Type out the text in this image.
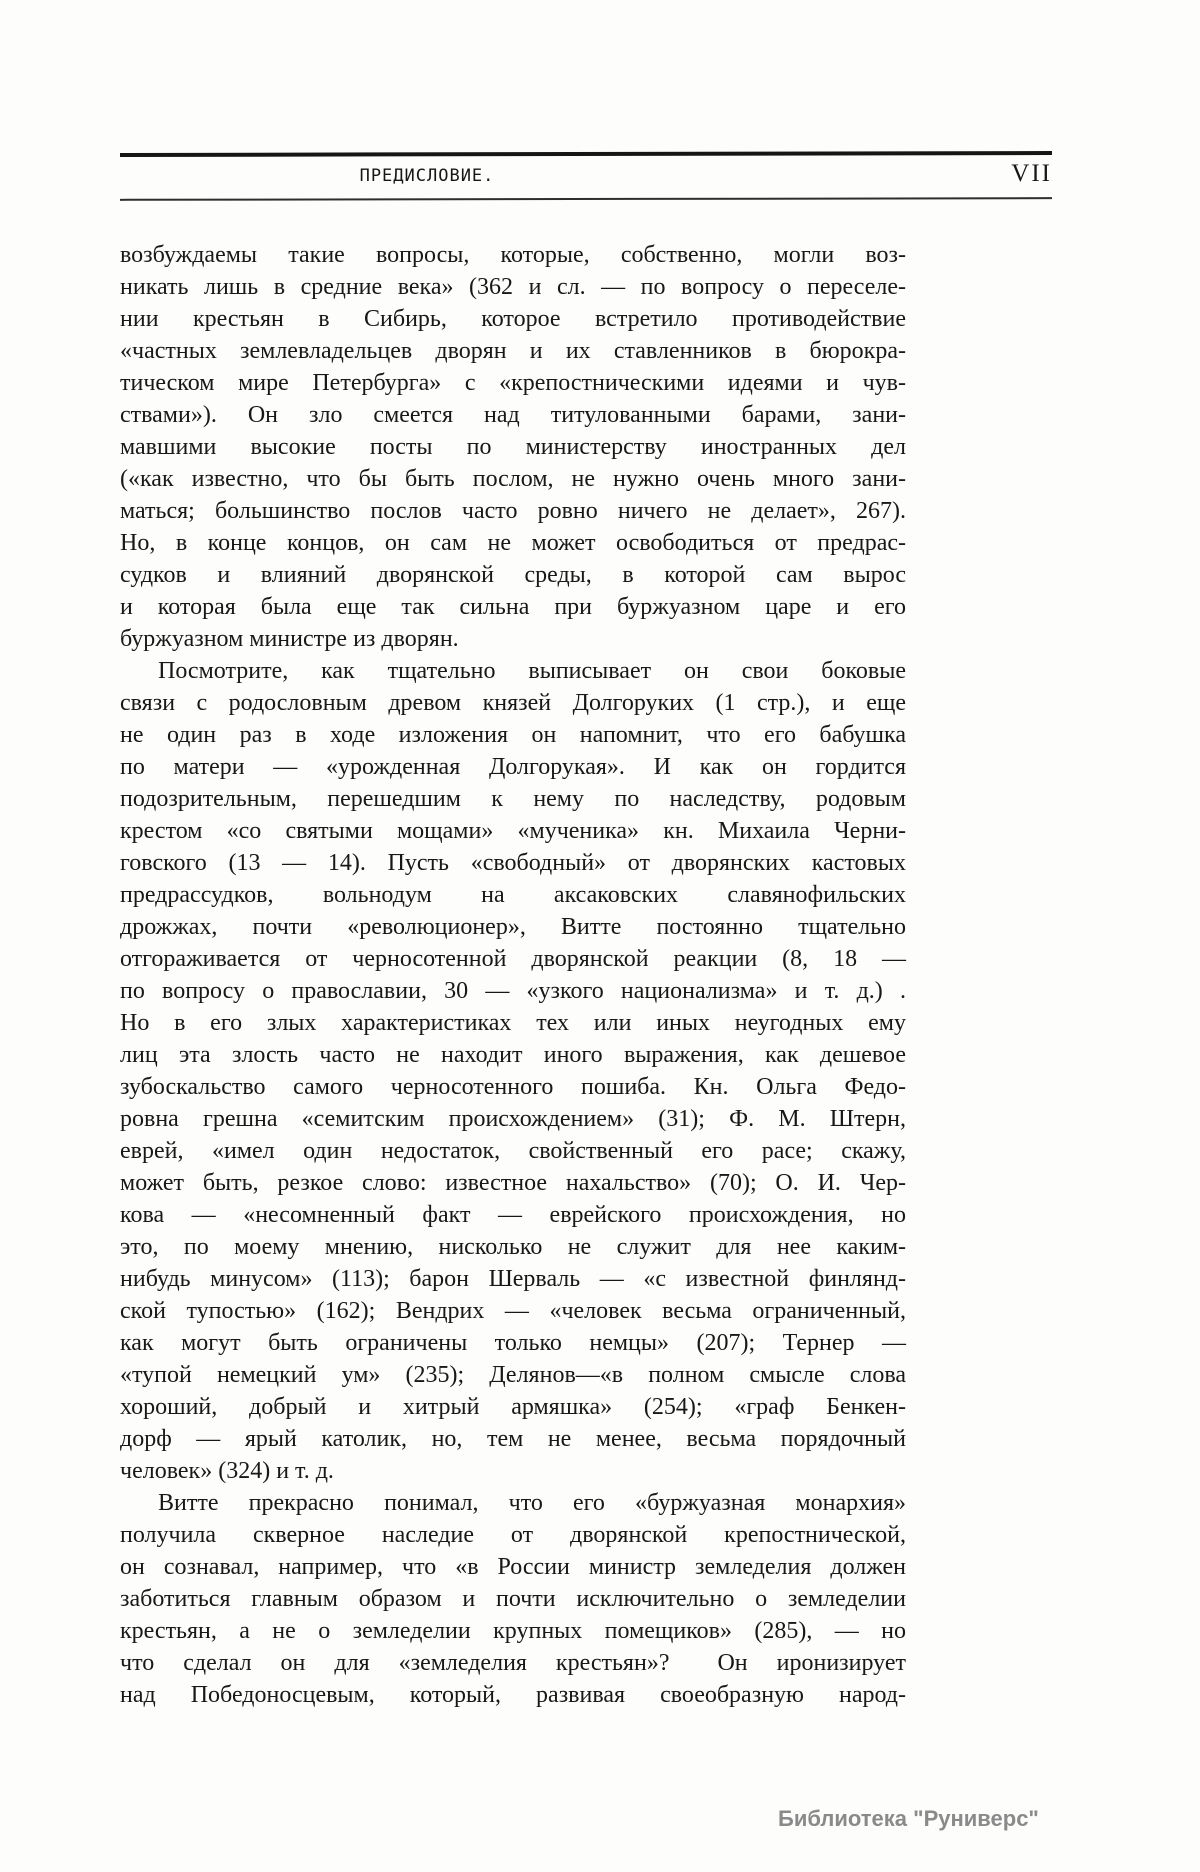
ПРЕДИСЛОВИЕ.	VII
возбуждаемы такие вопросы, которые, собственно, могли воз-
никать лишь в средние века» (362 и сл. — по вопросу о переселе-
нии крестьян в Сибирь, которое встретило противодействие
«частных землевладельцев дворян и их ставленников в бюрокра-
тическом мире Петербурга» с «крепостническими идеями и чув-
ствами»). Он зло смеется над титулованными барами, зани-
мавшими высокие посты по министерству иностранных дел
(«как известно, что бы быть послом, не нужно очень много зани-
маться; большинство послов часто ровно ничего не делает», 267).
Но, в конце концов, он сам не может освободиться от предрас-
судков и влияний дворянской среды, в которой сам вырос
и которая была еще так сильна при буржуазном царе и его
буржуазном министре из дворян.
Посмотрите, как тщательно выписывает он свои боковые
связи с родословным древом князей Долгоруких (1 стр.), и еще
не один раз в ходе изложения он напомнит, что его бабушка
по матери — «урожденная Долгорукая». И как он гордится
подозрительным, перешедшим к нему по наследству, родовым
крестом «со святыми мощами» «мученика» кн. Михаила Черни-
говского (13 — 14). Пусть «свободный» от дворянских кастовых
предрассудков, вольнодум на аксаковских славянофильских
дрожжах, почти «революционер», Витте постоянно тщательно
отгораживается от черносотенной дворянской реакции (8, 18 —
по вопросу о православии, 30 — «узкого национализма» и т. д.) .
Но в его злых характеристиках тех или иных неугодных ему
лиц эта злость часто не находит иного выражения, как дешевое
зубоскальство самого черносотенного пошиба. Кн. Ольга Федо-
ровна грешна «семитским происхождением» (31); Ф. М. Штерн,
еврей, «имел один недостаток, свойственный его расе; скажу,
может быть, резкое слово: известное нахальство» (70); О. И. Чер-
кова — «несомненный факт — еврейского происхождения, но
это, по моему мнению, нисколько не служит для нее каким-
нибудь минусом» (113); барон Шерваль — «с известной финлянд-
ской тупостью» (162); Вендрих — «человек весьма ограниченный,
как могут быть ограничены только немцы» (207); Тернер —
«тупой немецкий ум» (235); Делянов—«в полном смысле слова
хороший, добрый и хитрый армяшка» (254); «граф Бенкен-
дорф — ярый католик, но, тем не менее, весьма порядочный
человек» (324) и т. д.
Витте прекрасно понимал, что его «буржуазная монархия»
получила скверное наследие от дворянской крепостнической,
он сознавал, например, что «в России министр земледелия должен
заботиться главным образом и почти исключительно о земледелии
крестьян, а не о земледелии крупных помещиков» (285), — но
что сделал он для «земледелия крестьян»?  Он иронизирует
над Победоносцевым, который, развивая своеобразную народ-
Библиотека "Руниверс"
